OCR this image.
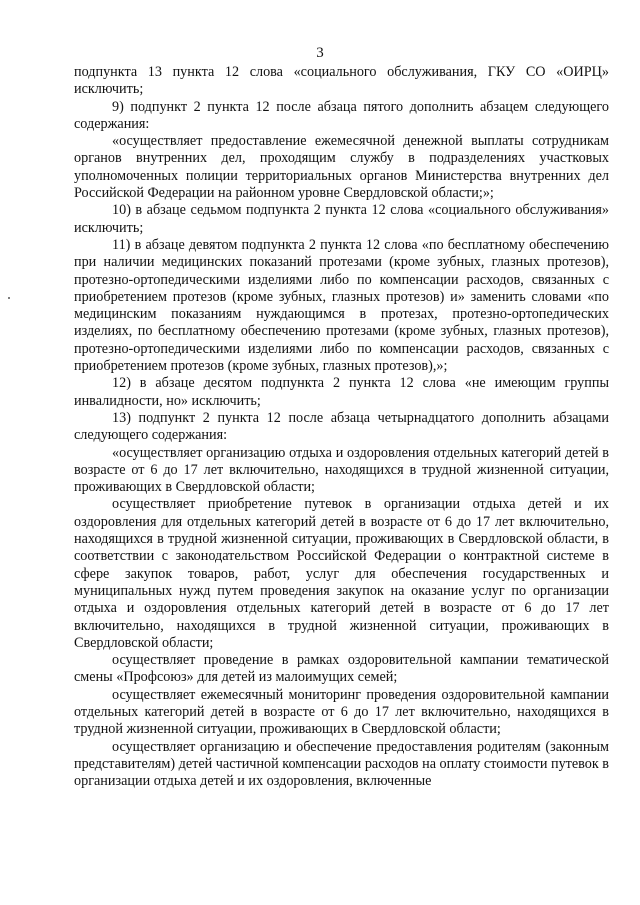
3

подпункта 13 пункта 12 слова «социального обслуживания, ГКУ СО «ОИРЦ» исключить;

9) подпункт 2 пункта 12 после абзаца пятого дополнить абзацем следующего содержания:

«осуществляет предоставление ежемесячной денежной выплаты сотрудникам органов внутренних дел, проходящим службу в подразделениях участковых уполномоченных полиции территориальных органов Министерства внутренних дел Российской Федерации на районном уровне Свердловской области;»;

10) в абзаце седьмом подпункта 2 пункта 12 слова «социального обслуживания» исключить;

11) в абзаце девятом подпункта 2 пункта 12 слова «по бесплатному обеспечению при наличии медицинских показаний протезами (кроме зубных, глазных протезов), протезно-ортопедическими изделиями либо по компенсации расходов, связанных с приобретением протезов (кроме зубных, глазных протезов) и» заменить словами «по медицинским показаниям нуждающимся в протезах, протезно-ортопедических изделиях, по бесплатному обеспечению протезами (кроме зубных, глазных протезов), протезно-ортопедическими изделиями либо по компенсации расходов, связанных с приобретением протезов (кроме зубных, глазных протезов),»;

12) в абзаце десятом подпункта 2 пункта 12 слова «не имеющим группы инвалидности, но» исключить;

13) подпункт 2 пункта 12 после абзаца четырнадцатого дополнить абзацами следующего содержания:

«осуществляет организацию отдыха и оздоровления отдельных категорий детей в возрасте от 6 до 17 лет включительно, находящихся в трудной жизненной ситуации, проживающих в Свердловской области;

осуществляет приобретение путевок в организации отдыха детей и их оздоровления для отдельных категорий детей в возрасте от 6 до 17 лет включительно, находящихся в трудной жизненной ситуации, проживающих в Свердловской области, в соответствии с законодательством Российской Федерации о контрактной системе в сфере закупок товаров, работ, услуг для обеспечения государственных и муниципальных нужд путем проведения закупок на оказание услуг по организации отдыха и оздоровления отдельных категорий детей в возрасте от 6 до 17 лет включительно, находящихся в трудной жизненной ситуации, проживающих в Свердловской области;

осуществляет проведение в рамках оздоровительной кампании тематической смены «Профсоюз» для детей из малоимущих семей;

осуществляет ежемесячный мониторинг проведения оздоровительной кампании отдельных категорий детей в возрасте от 6 до 17 лет включительно, находящихся в трудной жизненной ситуации, проживающих в Свердловской области;

осуществляет организацию и обеспечение предоставления родителям (законным представителям) детей частичной компенсации расходов на оплату стоимости путевок в организации отдыха детей и их оздоровления, включенные
